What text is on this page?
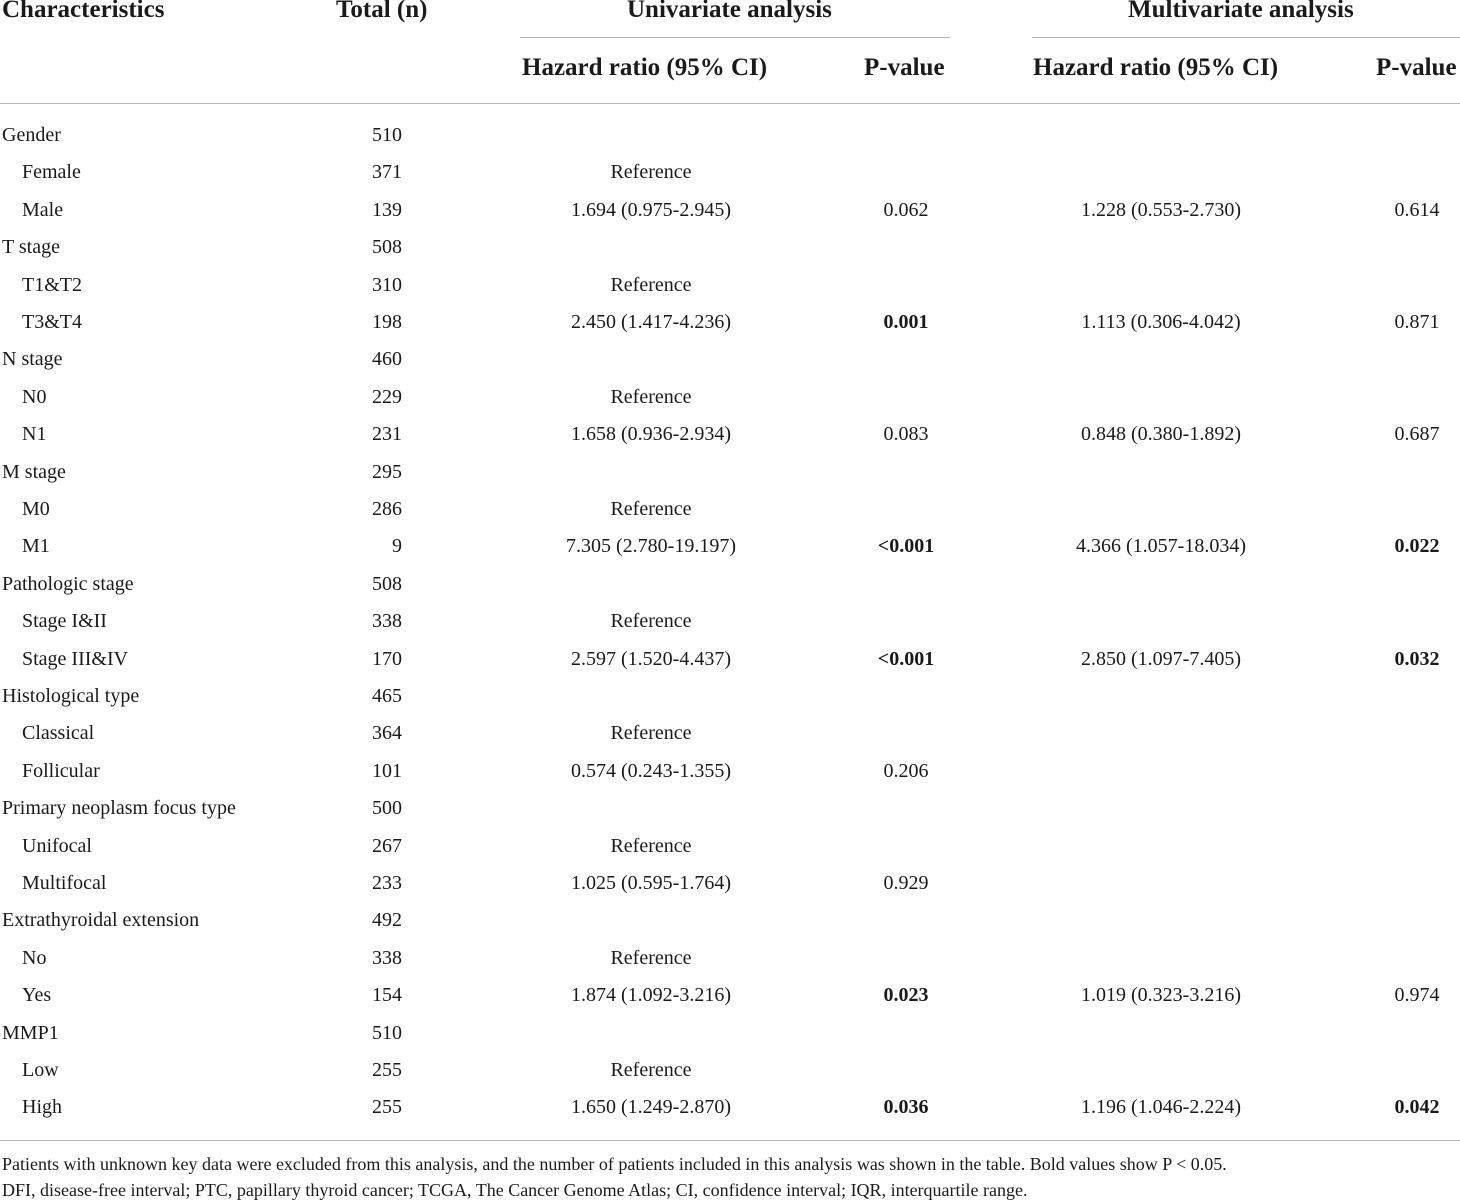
Characteristics	Total (n)	Univariate analysis	Multivariate analysis
Hazard ratio (95% CI)	P-value	Hazard ratio (95% CI)	P-value
Gender	510
Female	371	Reference
Male	139	1.694 (0.975-2.945)	0.062	1.228 (0.553-2.730)	0.614
T stage	508
T1&T2	310	Reference
T3&T4	198	2.450 (1.417-4.236)	0.001	1.113 (0.306-4.042)	0.871
N stage	460
N0	229	Reference
N1	231	1.658 (0.936-2.934)	0.083	0.848 (0.380-1.892)	0.687
M stage	295
M0	286	Reference
M1	9	7.305 (2.780-19.197)	<0.001	4.366 (1.057-18.034)	0.022
Pathologic stage	508
Stage I&II	338	Reference
Stage III&IV	170	2.597 (1.520-4.437)	<0.001	2.850 (1.097-7.405)	0.032
Histological type	465
Classical	364	Reference
Follicular	101	0.574 (0.243-1.355)	0.206
Primary neoplasm focus type	500
Unifocal	267	Reference
Multifocal	233	1.025 (0.595-1.764)	0.929
Extrathyroidal extension	492
No	338	Reference
Yes	154	1.874 (1.092-3.216)	0.023	1.019 (0.323-3.216)	0.974
MMP1	510
Low	255	Reference
High	255	1.650 (1.249-2.870)	0.036	1.196 (1.046-2.224)	0.042
Patients with unknown key data were excluded from this analysis, and the number of patients included in this analysis was shown in the table. Bold values show P < 0.05.
DFI, disease-free interval; PTC, papillary thyroid cancer; TCGA, The Cancer Genome Atlas; CI, confidence interval; IQR, interquartile range.
